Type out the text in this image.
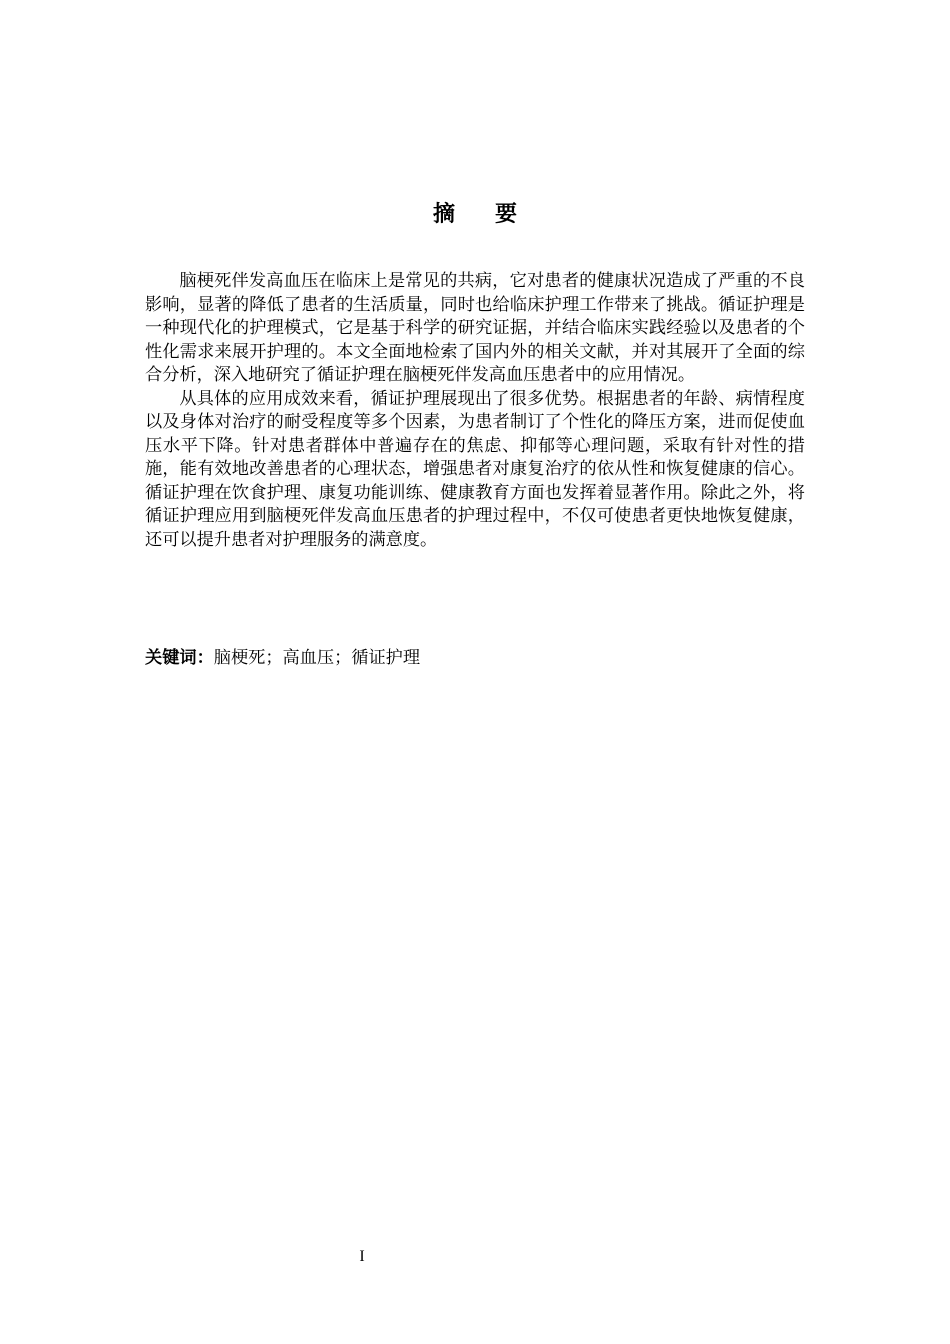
摘要

脑梗死伴发高血压在临床上是常见的共病，它对患者的健康状况造成了严重的不良影响，显著的降低了患者的生活质量，同时也给临床护理工作带来了挑战。循证护理是一种现代化的护理模式，它是基于科学的研究证据，并结合临床实践经验以及患者的个性化需求来展开护理的。本文全面地检索了国内外的相关文献，并对其展开了全面的综合分析，深入地研究了循证护理在脑梗死伴发高血压患者中的应用情况。

从具体的应用成效来看，循证护理展现出了很多优势。根据患者的年龄、病情程度以及身体对治疗的耐受程度等多个因素，为患者制订了个性化的降压方案，进而促使血压水平下降。针对患者群体中普遍存在的焦虑、抑郁等心理问题，采取有针对性的措施，能有效地改善患者的心理状态，增强患者对康复治疗的依从性和恢复健康的信心。循证护理在饮食护理、康复功能训练、健康教育方面也发挥着显著作用。除此之外，将循证护理应用到脑梗死伴发高血压患者的护理过程中，不仅可使患者更快地恢复健康，还可以提升患者对护理服务的满意度。

关键词：脑梗死；高血压；循证护理
I
